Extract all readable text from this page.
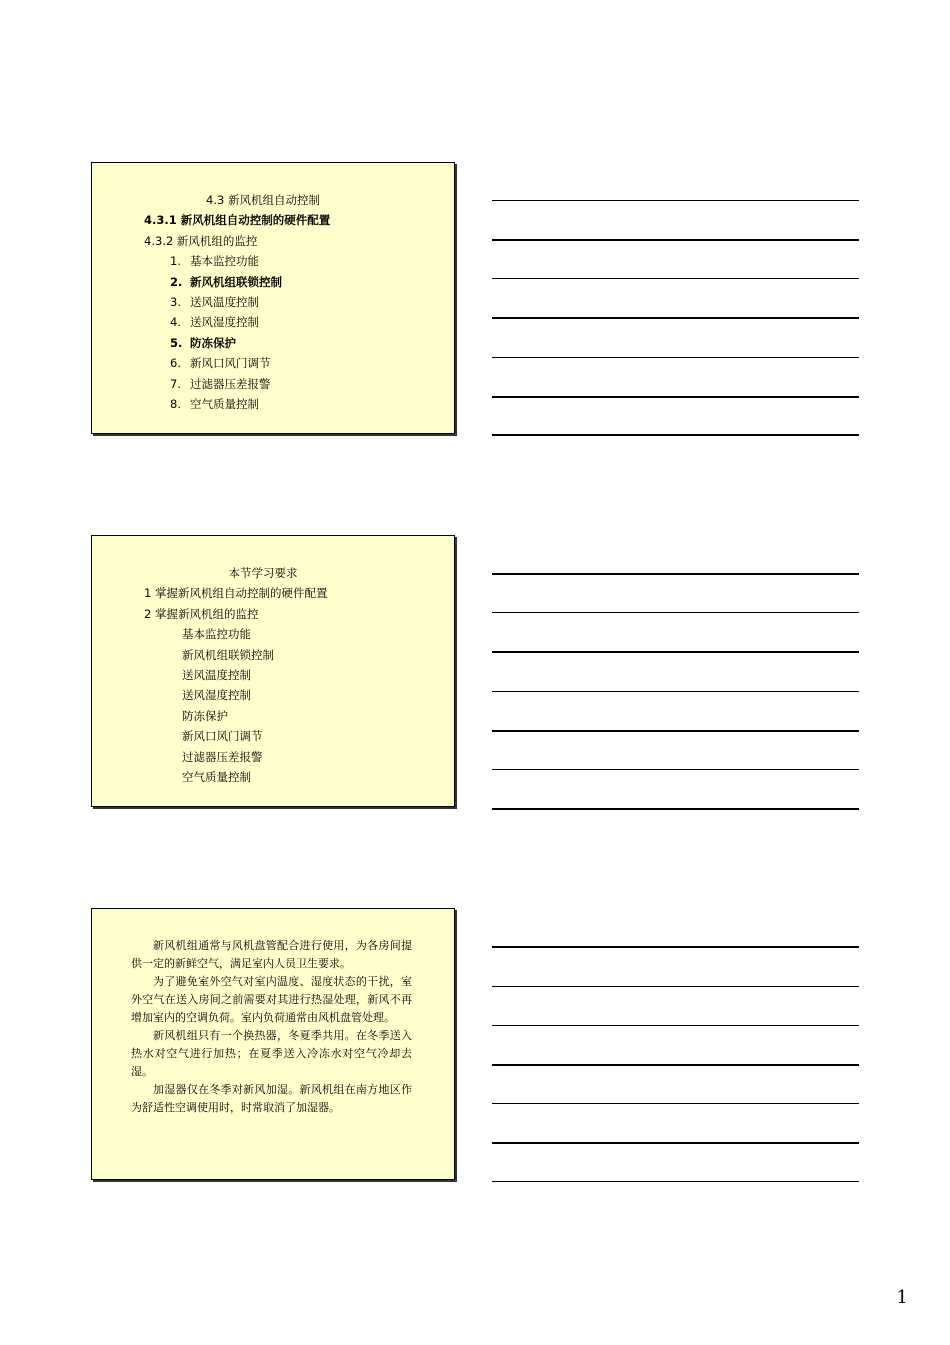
4.3 新风机组自动控制
4.3.1 新风机组自动控制的硬件配置
4.3.2 新风机组的监控
1. 基本监控功能
2. 新风机组联锁控制
3. 送风温度控制
4. 送风湿度控制
5. 防冻保护
6. 新风口风门调节
7. 过滤器压差报警
8. 空气质量控制
本节学习要求
1 掌握新风机组自动控制的硬件配置
2 掌握新风机组的监控
基本监控功能
新风机组联锁控制
送风温度控制
送风湿度控制
防冻保护
新风口风门调节
过滤器压差报警
空气质量控制

新风机组通常与风机盘管配合进行使用，为各房间提供一定的新鲜空气，满足室内人员卫生要求。

为了避免室外空气对室内温度、湿度状态的干扰，室外空气在送入房间之前需要对其进行热湿处理，新风不再增加室内的空调负荷。室内负荷通常由风机盘管处理。

新风机组只有一个换热器，冬夏季共用。在冬季送入热水对空气进行加热；在夏季送入冷冻水对空气冷却去湿。

加湿器仅在冬季对新风加湿。新风机组在南方地区作为舒适性空调使用时，时常取消了加湿器。

1
